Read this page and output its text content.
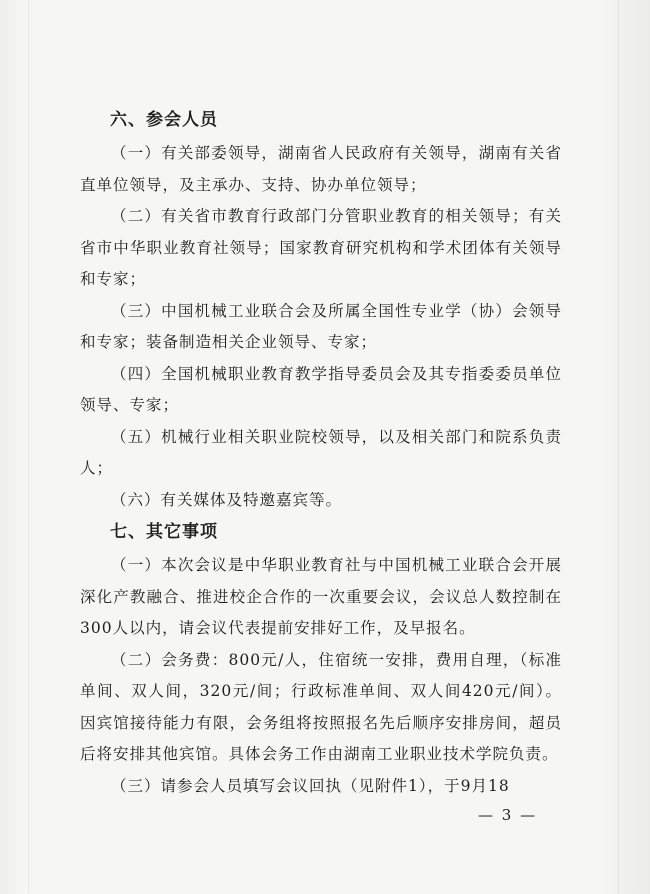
六、参会人员

（一）有关部委领导，湖南省人民政府有关领导，湖南有关省直单位领导，及主承办、支持、协办单位领导；

（二）有关省市教育行政部门分管职业教育的相关领导；有关省市中华职业教育社领导；国家教育研究机构和学术团体有关领导和专家；

（三）中国机械工业联合会及所属全国性专业学（协）会领导和专家；装备制造相关企业领导、专家；

（四）全国机械职业教育教学指导委员会及其专指委委员单位领导、专家；

（五）机械行业相关职业院校领导，以及相关部门和院系负责人；

（六）有关媒体及特邀嘉宾等。

七、其它事项

（一）本次会议是中华职业教育社与中国机械工业联合会开展深化产教融合、推进校企合作的一次重要会议，会议总人数控制在300人以内，请会议代表提前安排好工作，及早报名。

（二）会务费：800元/人，住宿统一安排，费用自理，（标准单间、双人间，320元/间；行政标准单间、双人间420元/间）。因宾馆接待能力有限，会务组将按照报名先后顺序安排房间，超员后将安排其他宾馆。具体会务工作由湖南工业职业技术学院负责。

（三）请参会人员填写会议回执（见附件1），于9月18

— 3 —
